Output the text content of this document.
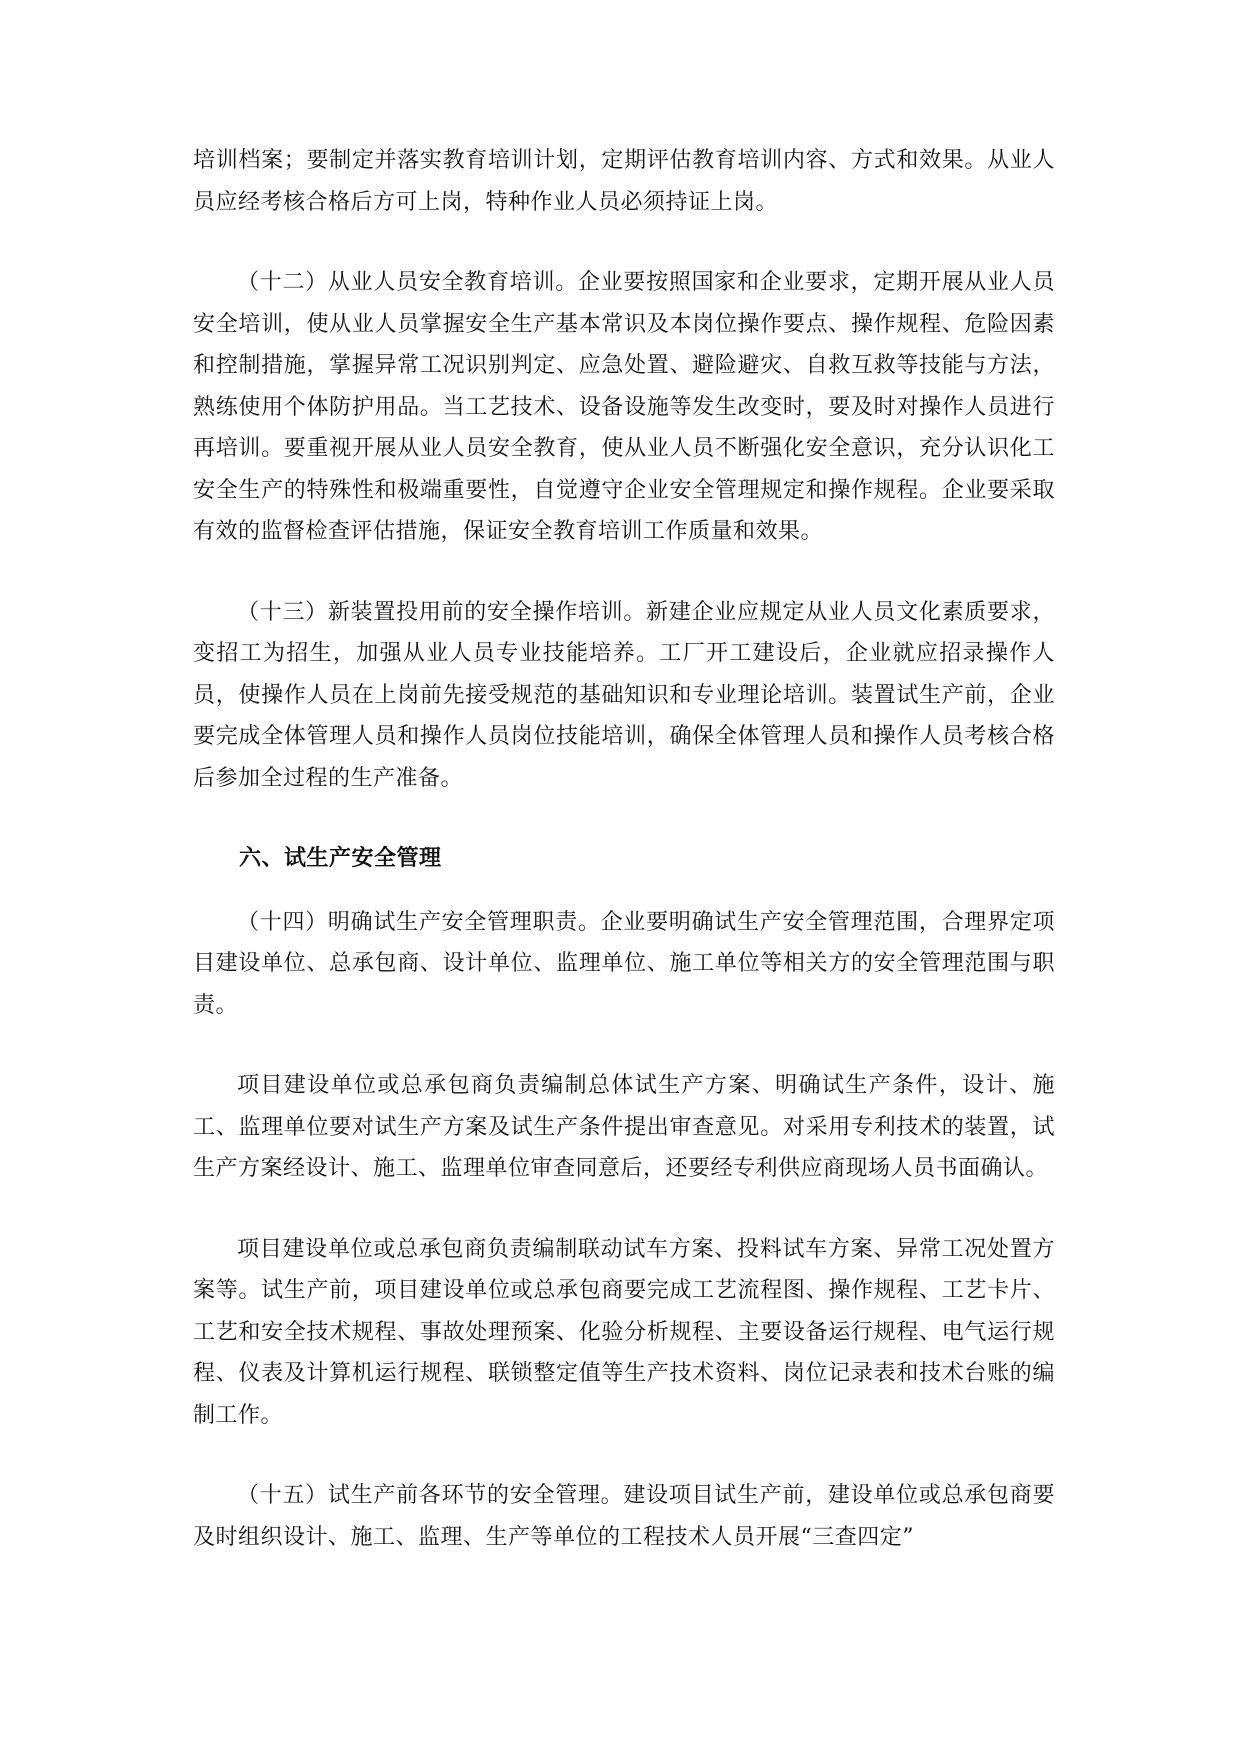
培训档案；要制定并落实教育培训计划，定期评估教育培训内容、方式和效果。从业人员应经考核合格后方可上岗，特种作业人员必须持证上岗。

（十二）从业人员安全教育培训。企业要按照国家和企业要求，定期开展从业人员安全培训，使从业人员掌握安全生产基本常识及本岗位操作要点、操作规程、危险因素和控制措施，掌握异常工况识别判定、应急处置、避险避灾、自救互救等技能与方法，熟练使用个体防护用品。当工艺技术、设备设施等发生改变时，要及时对操作人员进行再培训。要重视开展从业人员安全教育，使从业人员不断强化安全意识，充分认识化工安全生产的特殊性和极端重要性，自觉遵守企业安全管理规定和操作规程。企业要采取有效的监督检查评估措施，保证安全教育培训工作质量和效果。

（十三）新装置投用前的安全操作培训。新建企业应规定从业人员文化素质要求，变招工为招生，加强从业人员专业技能培养。工厂开工建设后，企业就应招录操作人员，使操作人员在上岗前先接受规范的基础知识和专业理论培训。装置试生产前，企业要完成全体管理人员和操作人员岗位技能培训，确保全体管理人员和操作人员考核合格后参加全过程的生产准备。

六、试生产安全管理

（十四）明确试生产安全管理职责。企业要明确试生产安全管理范围，合理界定项目建设单位、总承包商、设计单位、监理单位、施工单位等相关方的安全管理范围与职责。

项目建设单位或总承包商负责编制总体试生产方案、明确试生产条件，设计、施工、监理单位要对试生产方案及试生产条件提出审查意见。对采用专利技术的装置，试生产方案经设计、施工、监理单位审查同意后，还要经专利供应商现场人员书面确认。

项目建设单位或总承包商负责编制联动试车方案、投料试车方案、异常工况处置方案等。试生产前，项目建设单位或总承包商要完成工艺流程图、操作规程、工艺卡片、工艺和安全技术规程、事故处理预案、化验分析规程、主要设备运行规程、电气运行规程、仪表及计算机运行规程、联锁整定值等生产技术资料、岗位记录表和技术台账的编制工作。

（十五）试生产前各环节的安全管理。建设项目试生产前，建设单位或总承包商要及时组织设计、施工、监理、生产等单位的工程技术人员开展“三查四定”
